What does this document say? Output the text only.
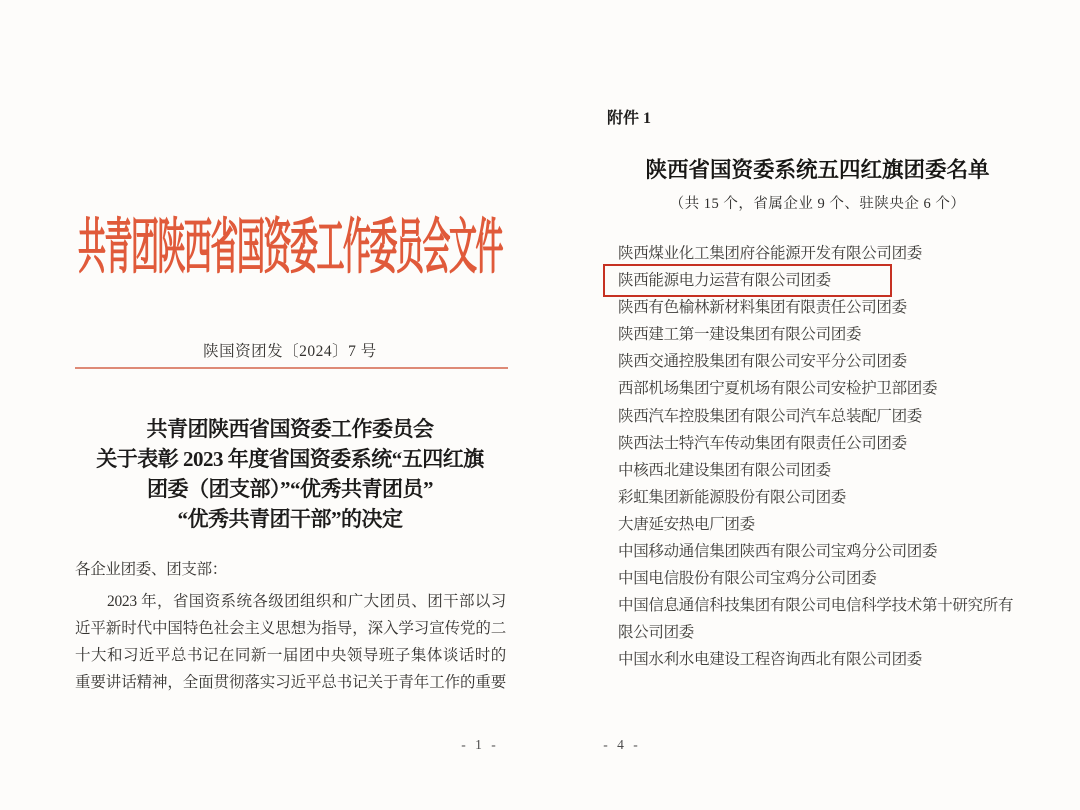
共青团陕西省国资委工作委员会文件
陕国资团发〔2024〕7 号
共青团陕西省国资委工作委员会
关于表彰 2023 年度省国资委系统“五四红旗
团委（团支部）”“优秀共青团员”
“优秀共青团干部”的决定
各企业团委、团支部：
2023 年，省国资系统各级团组织和广大团员、团干部以习
近平新时代中国特色社会主义思想为指导，深入学习宣传党的二
十大和习近平总书记在同新一届团中央领导班子集体谈话时的
重要讲话精神，全面贯彻落实习近平总书记关于青年工作的重要
- 1 -
附件 1
陕西省国资委系统五四红旗团委名单
（共 15 个，省属企业 9 个、驻陕央企 6 个）
陕西煤业化工集团府谷能源开发有限公司团委
陕西能源电力运营有限公司团委
陕西有色榆林新材料集团有限责任公司团委
陕西建工第一建设集团有限公司团委
陕西交通控股集团有限公司安平分公司团委
西部机场集团宁夏机场有限公司安检护卫部团委
陕西汽车控股集团有限公司汽车总装配厂团委
陕西法士特汽车传动集团有限责任公司团委
中核西北建设集团有限公司团委
彩虹集团新能源股份有限公司团委
大唐延安热电厂团委
中国移动通信集团陕西有限公司宝鸡分公司团委
中国电信股份有限公司宝鸡分公司团委
中国信息通信科技集团有限公司电信科学技术第十研究所有限公司团委
中国水利水电建设工程咨询西北有限公司团委
- 4 -
